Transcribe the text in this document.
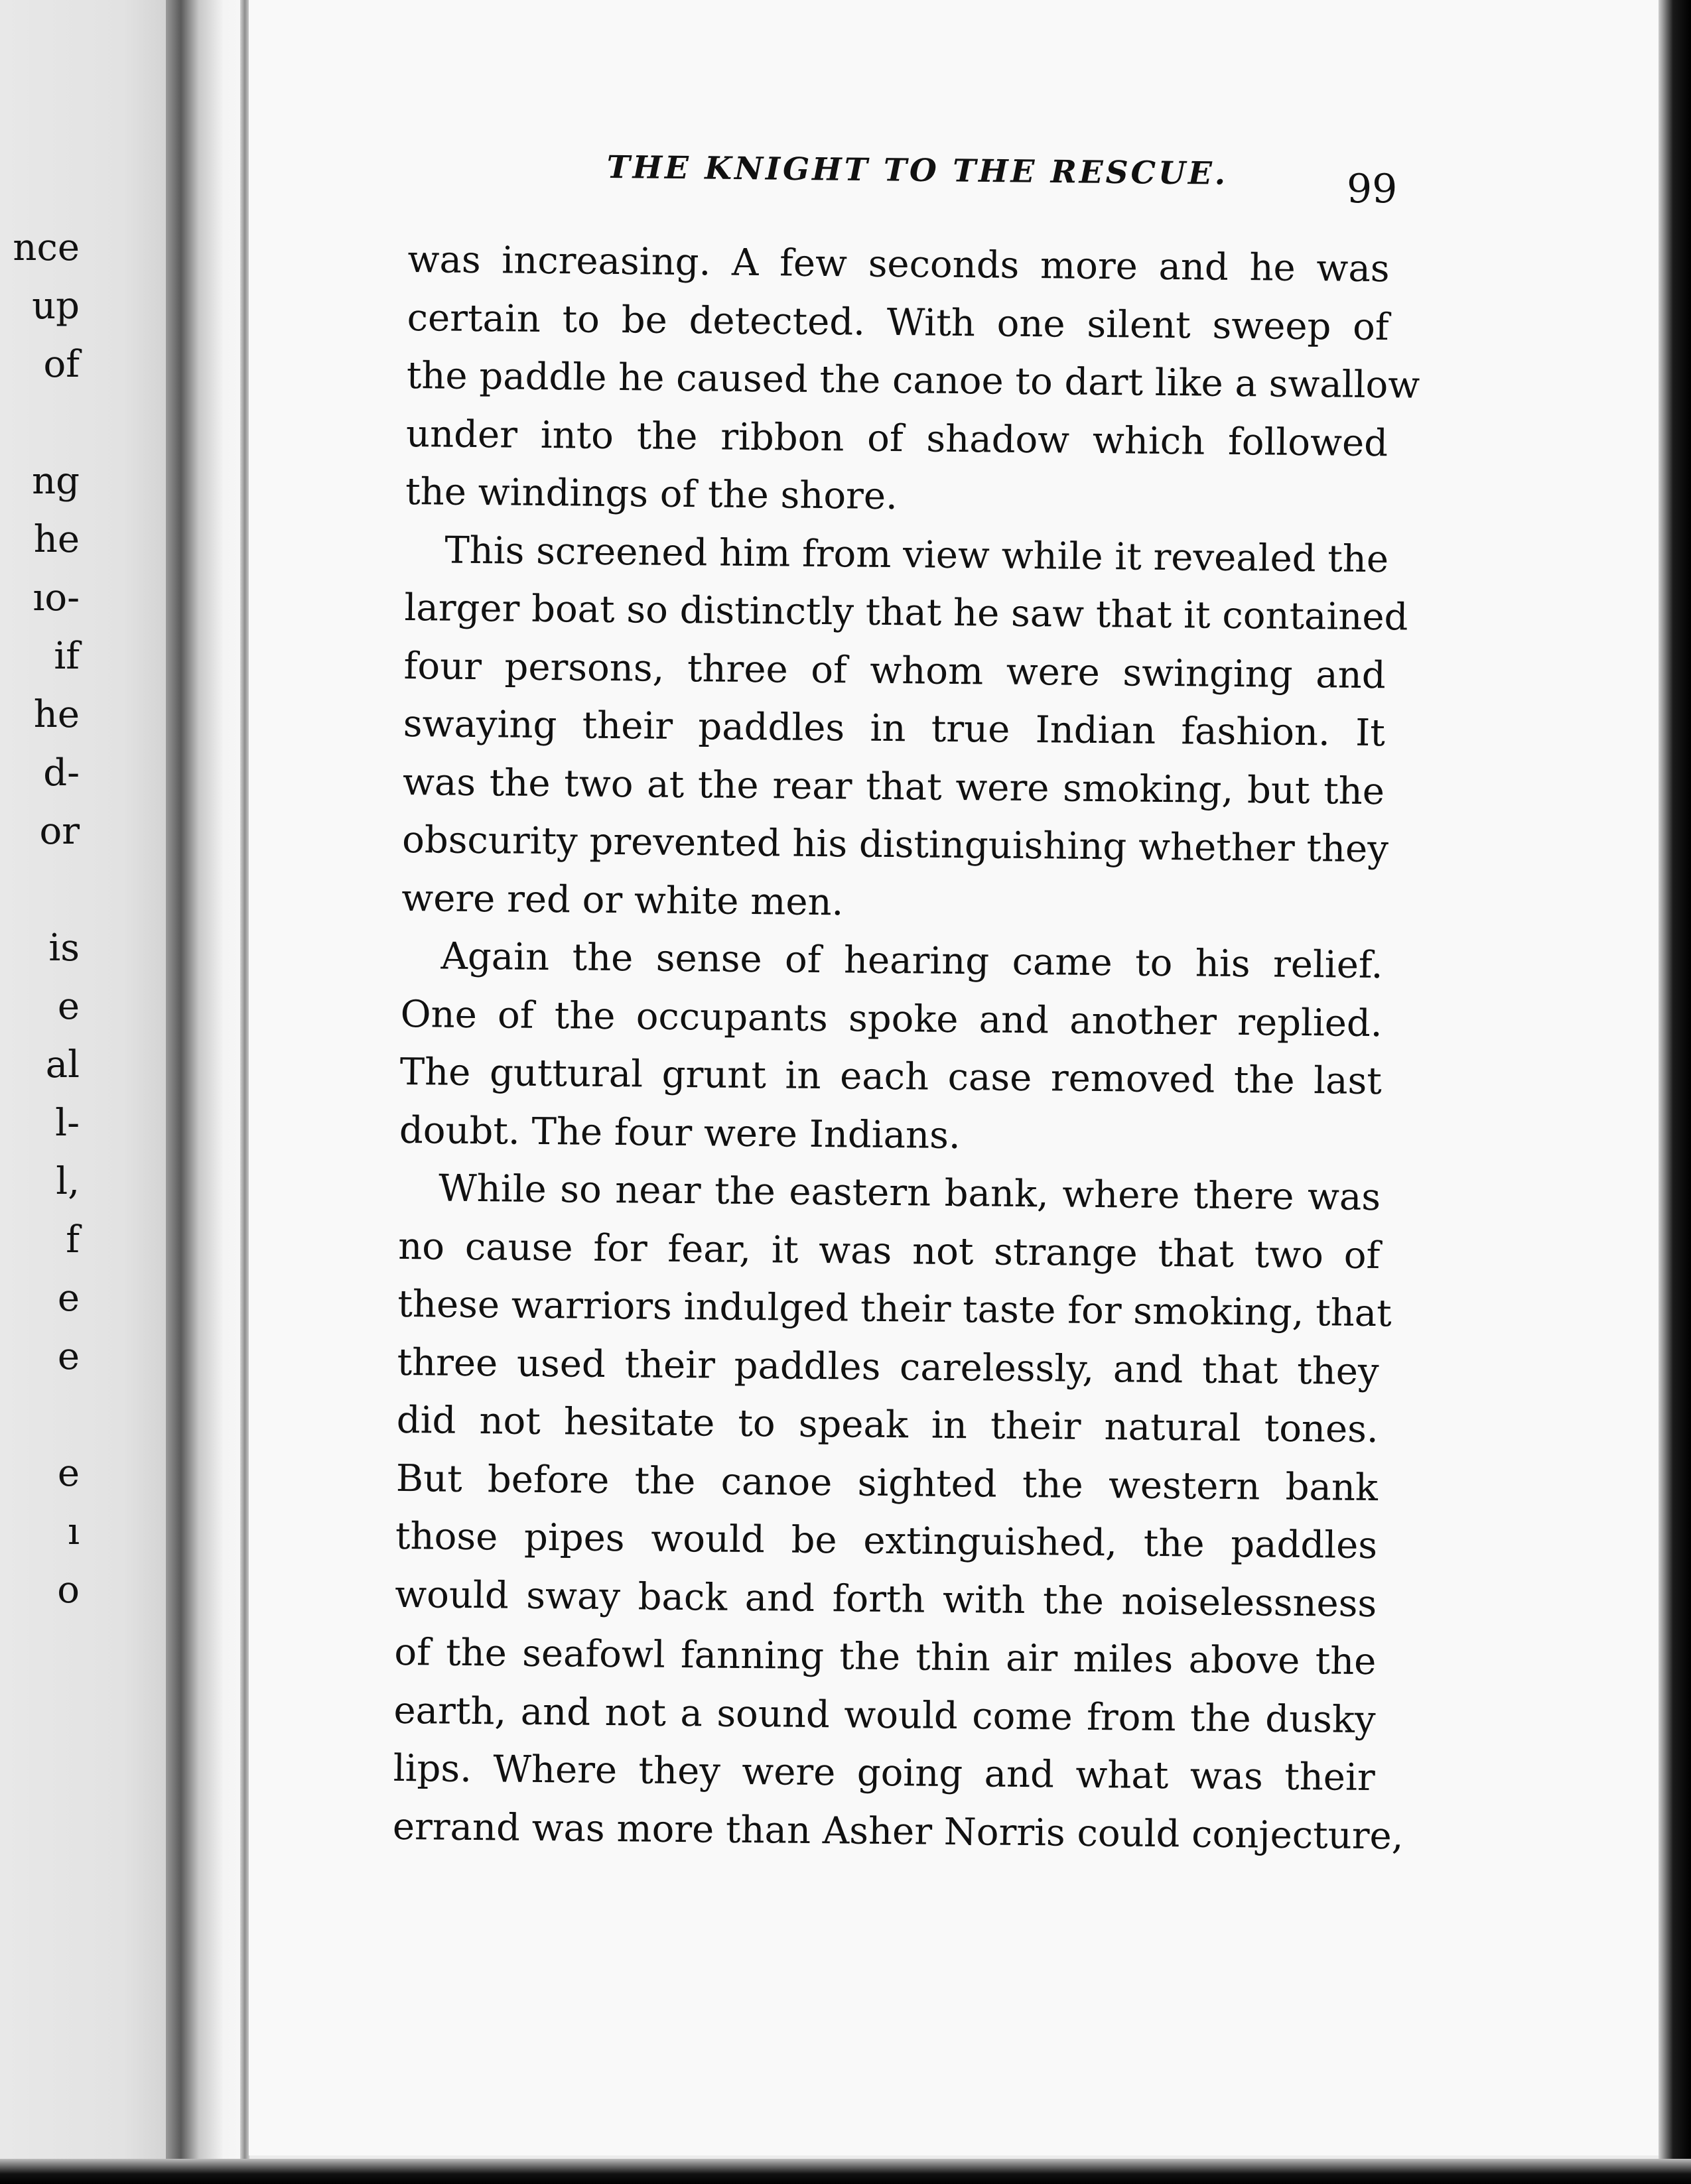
nce
up
of
ng
he
ıo-
if
he
d-
or
is
e
al
l-
l,
f
e
e
e
ı
o
THE KNIGHT TO THE RESCUE.	99
was increasing. A few seconds more and he was
certain to be detected. With one silent sweep of
the paddle he caused the canoe to dart like a swallow
under into the ribbon of shadow which followed
the windings of the shore.
This screened him from view while it revealed the
larger boat so distinctly that he saw that it contained
four persons, three of whom were swinging and
swaying their paddles in true Indian fashion. It
was the two at the rear that were smoking, but the
obscurity prevented his distinguishing whether they
were red or white men.
Again the sense of hearing came to his relief.
One of the occupants spoke and another replied.
The guttural grunt in each case removed the last
doubt. The four were Indians.
While so near the eastern bank, where there was
no cause for fear, it was not strange that two of
these warriors indulged their taste for smoking, that
three used their paddles carelessly, and that they
did not hesitate to speak in their natural tones.
But before the canoe sighted the western bank
those pipes would be extinguished, the paddles
would sway back and forth with the noiselessness
of the seafowl fanning the thin air miles above the
earth, and not a sound would come from the dusky
lips. Where they were going and what was their
errand was more than Asher Norris could conjecture,
